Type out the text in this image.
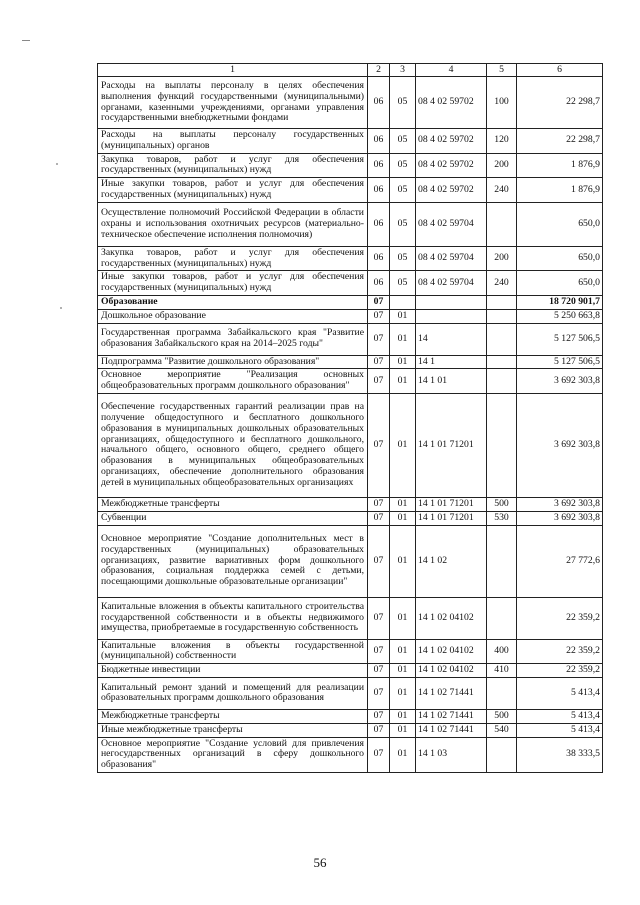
1	2	3	4	5	6
Расходы на выплаты персоналу в целях обеспечения выполнения функций государственными (муниципальными) органами, казенными учреждениями, органами управления государственными внебюджетными фондами	06	05	08 4 02 59702	100	22 298,7
Расходы на выплаты персоналу государственных (муниципальных) органов	06	05	08 4 02 59702	120	22 298,7
Закупка товаров, работ и услуг для обеспечения государственных (муниципальных) нужд	06	05	08 4 02 59702	200	1 876,9
Иные закупки товаров, работ и услуг для обеспечения государственных (муниципальных) нужд	06	05	08 4 02 59702	240	1 876,9
Осуществление полномочий Российской Федерации в области охраны и использования охотничьих ресурсов (материально-техническое обеспечение исполнения полномочия)	06	05	08 4 02 59704		650,0
Закупка товаров, работ и услуг для обеспечения государственных (муниципальных) нужд	06	05	08 4 02 59704	200	650,0
Иные закупки товаров, работ и услуг для обеспечения государственных (муниципальных) нужд	06	05	08 4 02 59704	240	650,0
Образование	07				18 720 901,7
Дошкольное образование	07	01			5 250 663,8
Государственная программа Забайкальского края "Развитие образования Забайкальского края на 2014–2025 годы"	07	01	14		5 127 506,5
Подпрограмма "Развитие дошкольного образования"	07	01	14 1		5 127 506,5
Основное мероприятие "Реализация основных общеобразовательных программ дошкольного образования"	07	01	14 1 01		3 692 303,8
Обеспечение государственных гарантий реализации прав на получение общедоступного и бесплатного дошкольного образования в муниципальных дошкольных образовательных организациях, общедоступного и бесплатного дошкольного, начального общего, основного общего, среднего общего образования в муниципальных общеобразовательных организациях, обеспечение дополнительного образования детей в муниципальных общеобразовательных организациях	07	01	14 1 01 71201		3 692 303,8
Межбюджетные трансферты	07	01	14 1 01 71201	500	3 692 303,8
Субвенции	07	01	14 1 01 71201	530	3 692 303,8
Основное мероприятие "Создание дополнительных мест в государственных (муниципальных) образовательных организациях, развитие вариативных форм дошкольного образования, социальная поддержка семей с детьми, посещающими дошкольные образовательные организации"	07	01	14 1 02		27 772,6
Капитальные вложения в объекты капитального строительства государственной собственности и в объекты недвижимого имущества, приобретаемые в государственную собственность	07	01	14 1 02 04102		22 359,2
Капитальные вложения в объекты государственной (муниципальной) собственности	07	01	14 1 02 04102	400	22 359,2
Бюджетные инвестиции	07	01	14 1 02 04102	410	22 359,2
Капитальный ремонт зданий и помещений для реализации образовательных программ дошкольного образования	07	01	14 1 02 71441		5 413,4
Межбюджетные трансферты	07	01	14 1 02 71441	500	5 413,4
Иные межбюджетные трансферты	07	01	14 1 02 71441	540	5 413,4
Основное мероприятие "Создание условий для привлечения негосударственных организаций в сферу дошкольного образования"	07	01	14 1 03		38 333,5
56
